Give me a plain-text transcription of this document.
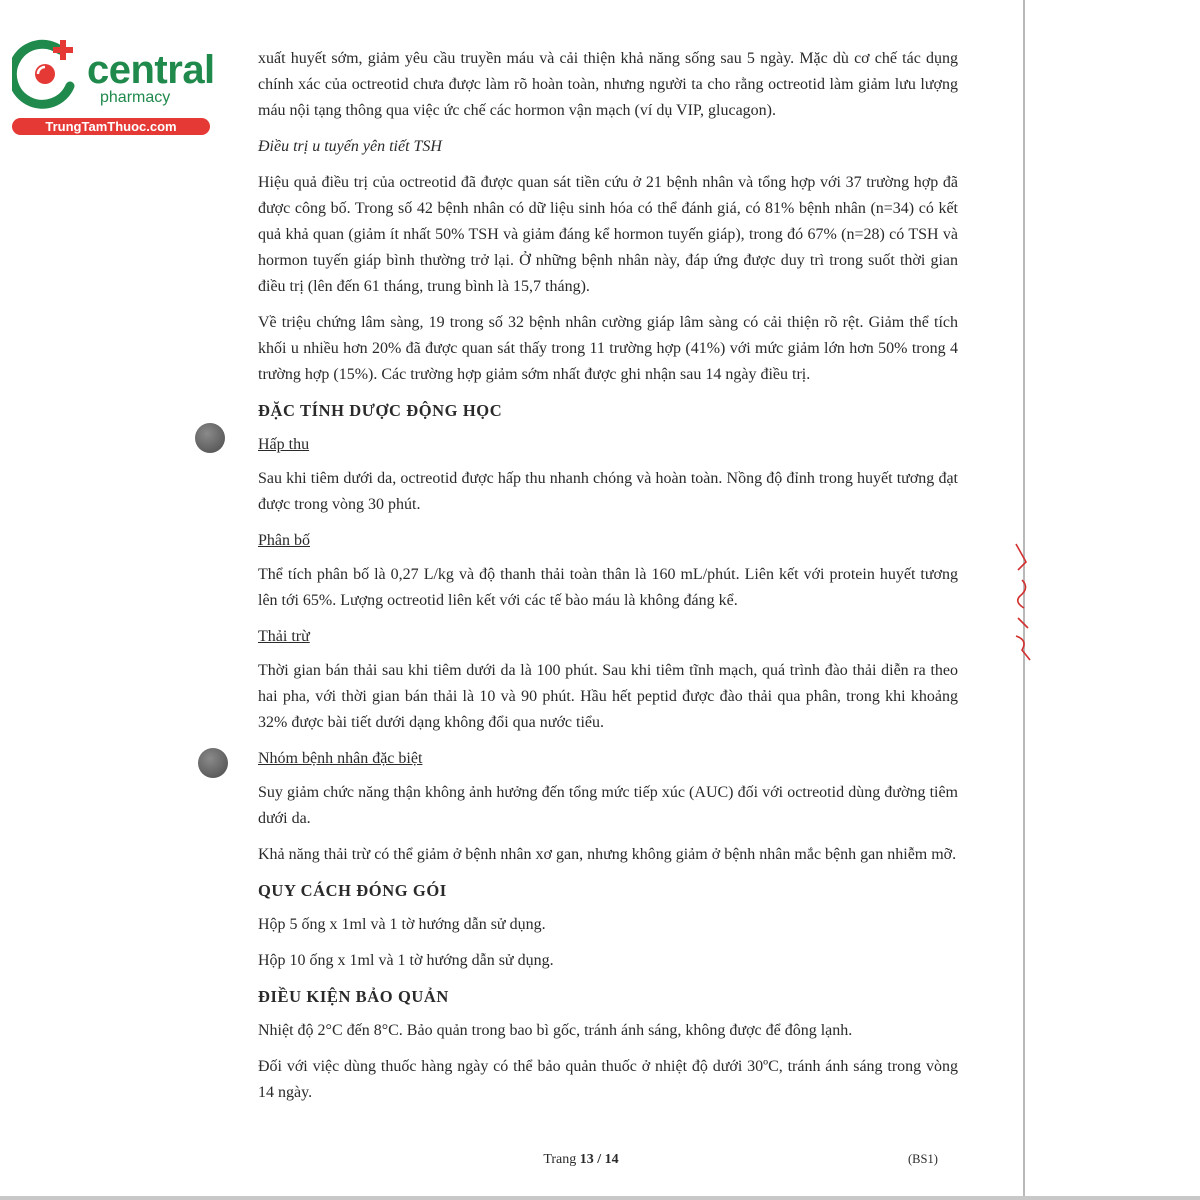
central
pharmacy
TrungTamThuoc.com

xuất huyết sớm, giảm yêu cầu truyền máu và cải thiện khả năng sống sau 5 ngày. Mặc dù cơ chế tác dụng chính xác của octreotid chưa được làm rõ hoàn toàn, nhưng người ta cho rằng octreotid làm giảm lưu lượng máu nội tạng thông qua việc ức chế các hormon vận mạch (ví dụ VIP, glucagon).

Điều trị u tuyến yên tiết TSH

Hiệu quả điều trị của octreotid đã được quan sát tiền cứu ở 21 bệnh nhân và tổng hợp với 37 trường hợp đã được công bố. Trong số 42 bệnh nhân có dữ liệu sinh hóa có thể đánh giá, có 81% bệnh nhân (n=34) có kết quả khả quan (giảm ít nhất 50% TSH và giảm đáng kể hormon tuyến giáp), trong đó 67% (n=28) có TSH và hormon tuyến giáp bình thường trở lại. Ở những bệnh nhân này, đáp ứng được duy trì trong suốt thời gian điều trị (lên đến 61 tháng, trung bình là 15,7 tháng).

Về triệu chứng lâm sàng, 19 trong số 32 bệnh nhân cường giáp lâm sàng có cải thiện rõ rệt. Giảm thể tích khối u nhiều hơn 20% đã được quan sát thấy trong 11 trường hợp (41%) với mức giảm lớn hơn 50% trong 4 trường hợp (15%). Các trường hợp giảm sớm nhất được ghi nhận sau 14 ngày điều trị.

ĐẶC TÍNH DƯỢC ĐỘNG HỌC
Hấp thu

Sau khi tiêm dưới da, octreotid được hấp thu nhanh chóng và hoàn toàn. Nồng độ đỉnh trong huyết tương đạt được trong vòng 30 phút.

Phân bố

Thể tích phân bố là 0,27 L/kg và độ thanh thải toàn thân là 160 mL/phút. Liên kết với protein huyết tương lên tới 65%. Lượng octreotid liên kết với các tế bào máu là không đáng kể.

Thải trừ

Thời gian bán thải sau khi tiêm dưới da là 100 phút. Sau khi tiêm tĩnh mạch, quá trình đào thải diễn ra theo hai pha, với thời gian bán thải là 10 và 90 phút. Hầu hết peptid được đào thải qua phân, trong khi khoảng 32% được bài tiết dưới dạng không đổi qua nước tiểu.

Nhóm bệnh nhân đặc biệt

Suy giảm chức năng thận không ảnh hưởng đến tổng mức tiếp xúc (AUC) đối với octreotid dùng đường tiêm dưới da.

Khả năng thải trừ có thể giảm ở bệnh nhân xơ gan, nhưng không giảm ở bệnh nhân mắc bệnh gan nhiễm mỡ.

QUY CÁCH ĐÓNG GÓI

Hộp 5 ống x 1ml và 1 tờ hướng dẫn sử dụng.

Hộp 10 ống x 1ml và 1 tờ hướng dẫn sử dụng.

ĐIỀU KIỆN BẢO QUẢN

Nhiệt độ 2°C đến 8°C. Bảo quản trong bao bì gốc, tránh ánh sáng, không được để đông lạnh.

Đối với việc dùng thuốc hàng ngày có thể bảo quản thuốc ở nhiệt độ dưới 30ºC, tránh ánh sáng trong vòng 14 ngày.

Trang 13 / 14	(BS1)
